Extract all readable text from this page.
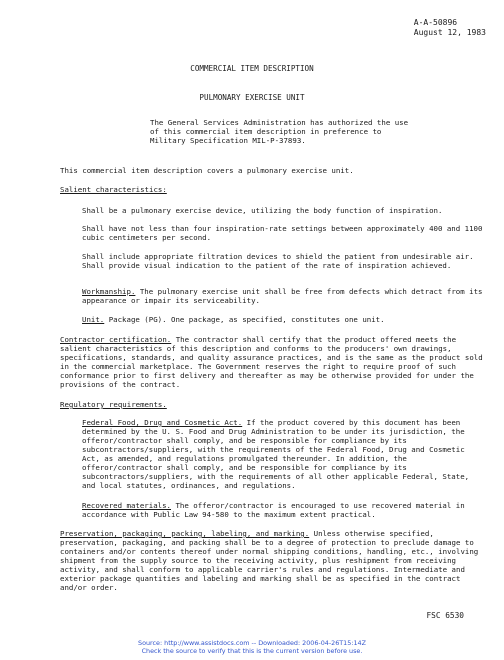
A-A-50896
August 12, 1983
COMMERCIAL ITEM DESCRIPTION
PULMONARY EXERCISE UNIT
The General Services Administration has authorized the use of this commercial item description in preference to Military Specification MIL-P-37893.
This commercial item description covers a pulmonary exercise unit.
Salient characteristics:
Shall be a pulmonary exercise device, utilizing the body function of inspiration.
Shall have not less than four inspiration-rate settings between approximately 400 and 1100 cubic centimeters per second.
Shall include appropriate filtration devices to shield the patient from undesirable air. Shall provide visual indication to the patient of the rate of inspiration achieved.
Workmanship. The pulmonary exercise unit shall be free from defects which detract from its appearance or impair its serviceability.
Unit. Package (PG). One package, as specified, constitutes one unit.
Contractor certification. The contractor shall certify that the product offered meets the salient characteristics of this description and conforms to the producers' own drawings, specifications, standards, and quality assurance practices, and is the same as the product sold in the commercial marketplace. The Government reserves the right to require proof of such conformance prior to first delivery and thereafter as may be otherwise provided for under the provisions of the contract.
Regulatory requirements.
Federal Food, Drug and Cosmetic Act. If the product covered by this document has been determined by the U. S. Food and Drug Administration to be under its jurisdiction, the offeror/contractor shall comply, and be responsible for compliance by its subcontractors/suppliers, with the requirements of the Federal Food, Drug and Cosmetic Act, as amended, and regulations promulgated thereunder. In addition, the offeror/contractor shall comply, and be responsible for compliance by its subcontractors/suppliers, with the requirements of all other applicable Federal, State, and local statutes, ordinances, and regulations.
Recovered materials. The offeror/contractor is encouraged to use recovered material in accordance with Public Law 94-580 to the maximum extent practical.
Preservation, packaging, packing, labeling, and marking. Unless otherwise specified, preservation, packaging, and packing shall be to a degree of protection to preclude damage to containers and/or contents thereof under normal shipping conditions, handling, etc., involving shipment from the supply source to the receiving activity, plus reshipment from receiving activity, and shall conform to applicable carrier's rules and regulations. Intermediate and exterior package quantities and labeling and marking shall be as specified in the contract and/or order.
FSC 6530
Source: http://www.assistdocs.com -- Downloaded: 2006-04-26T15:14Z
Check the source to verify that this is the current version before use.
